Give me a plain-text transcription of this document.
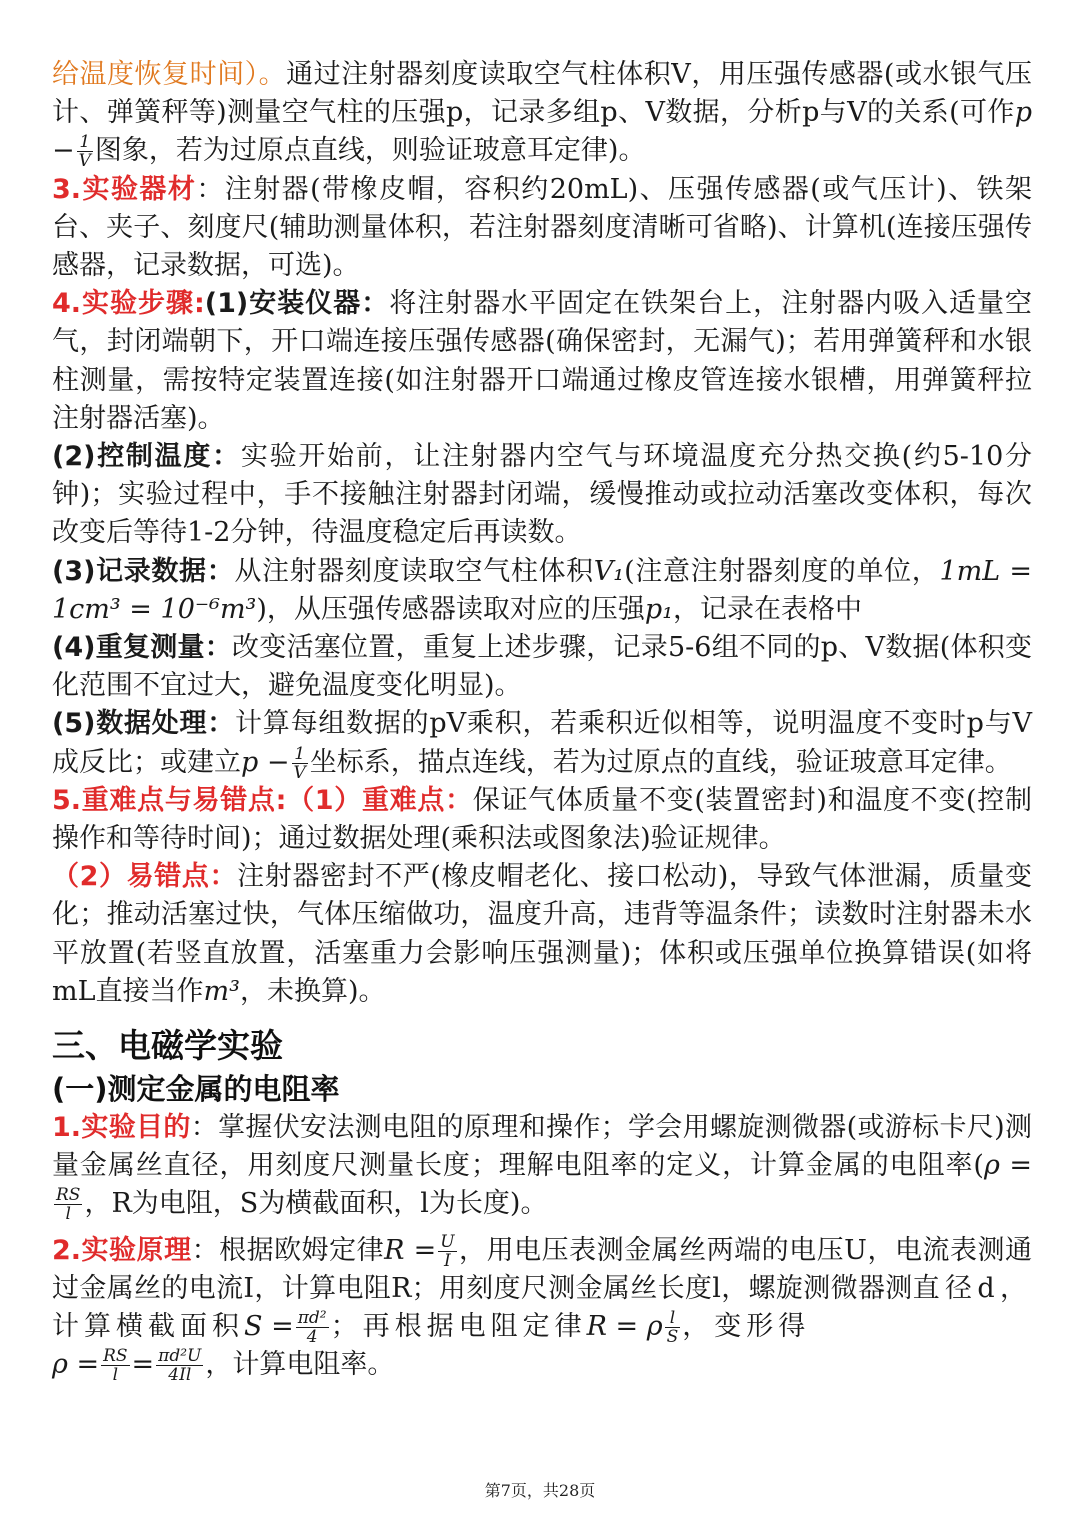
给温度恢复时间）。通过注射器刻度读取空气柱体积V，用压强传感器(或水银气压计、弹簧秤等)测量空气柱的压强p，记录多组p、V数据，分析p与V的关系(可作$p - \frac{1}{V}$ 图象，若为过原点直线，则验证玻意耳定律)。

3.实验器材：注射器(带橡皮帽，容积约20mL)、压强传感器(或气压计)、铁架台、夹子、刻度尺(辅助测量体积，若注射器刻度清晰可省略)、计算机(连接压强传感器，记录数据，可选)。

4.实验步骤:(1)安装仪器：将注射器水平固定在铁架台上，注射器内吸入适量空气，封闭端朝下，开口端连接压强传感器(确保密封，无漏气)；若用弹簧秤和水银柱测量，需按特定装置连接(如注射器开口端通过橡皮管连接水银槽，用弹簧秤拉注射器活塞)。

(2)控制温度：实验开始前，让注射器内空气与环境温度充分热交换(约5-10分钟)；实验过程中，手不接触注射器封闭端，缓慢推动或拉动活塞改变体积，每次改变后等待1-2分钟，待温度稳定后再读数。

(3)记录数据：从注射器刻度读取空气柱体积V₁(注意注射器刻度的单位，1mL = 1cm³ = 10⁻⁶m³)，从压强传感器读取对应的压强p₁，记录在表格中

(4)重复测量：改变活塞位置，重复上述步骤，记录5-6组不同的p、V数据(体积变化范围不宜过大，避免温度变化明显)。

(5)数据处理：计算每组数据的pV乘积，若乘积近似相等，说明温度不变时p与V成反比；或建立$p - \frac{1}{V}$ 坐标系，描点连线，若为过原点的直线，验证玻意耳定律。

5.重难点与易错点:（1）重难点：保证气体质量不变(装置密封)和温度不变(控制操作和等待时间)；通过数据处理(乘积法或图象法)验证规律。

（2）易错点：注射器密封不严(橡皮帽老化、接口松动)，导致气体泄漏，质量变化；推动活塞过快，气体压缩做功，温度升高，违背等温条件；读数时注射器未水平放置(若竖直放置，活塞重力会影响压强测量)；体积或压强单位换算错误(如将mL直接当作m³，未换算)。

三、电磁学实验
(一)测定金属的电阻率

1.实验目的：掌握伏安法测电阻的原理和操作；学会用螺旋测微器(或游标卡尺)测量金属丝直径，用刻度尺测量长度；理解电阻率的定义，计算金属的电阻率(ρ =
$\frac{RS}{l}$ ，R为电阻，S为横截面积，l为长度)。

2.实验原理：根据欧姆定律$R = \frac{U}{I}$ ，用电压表测金属丝两端的电压U，电流表测通过金属丝的电流I，计算电阻R；用刻度尺测金属丝长度l，螺旋测微器测直径d，计算横截面积$S = \frac{\text{πd²}}{4}$ ；再根据电阻定律R = ρ $\frac{l}{S}$ ，变形得
$\rho = \frac{RS}{l} = \frac{\text{πd²U}}{4Il}$ ，计算电阻率。

第7页，共28页
